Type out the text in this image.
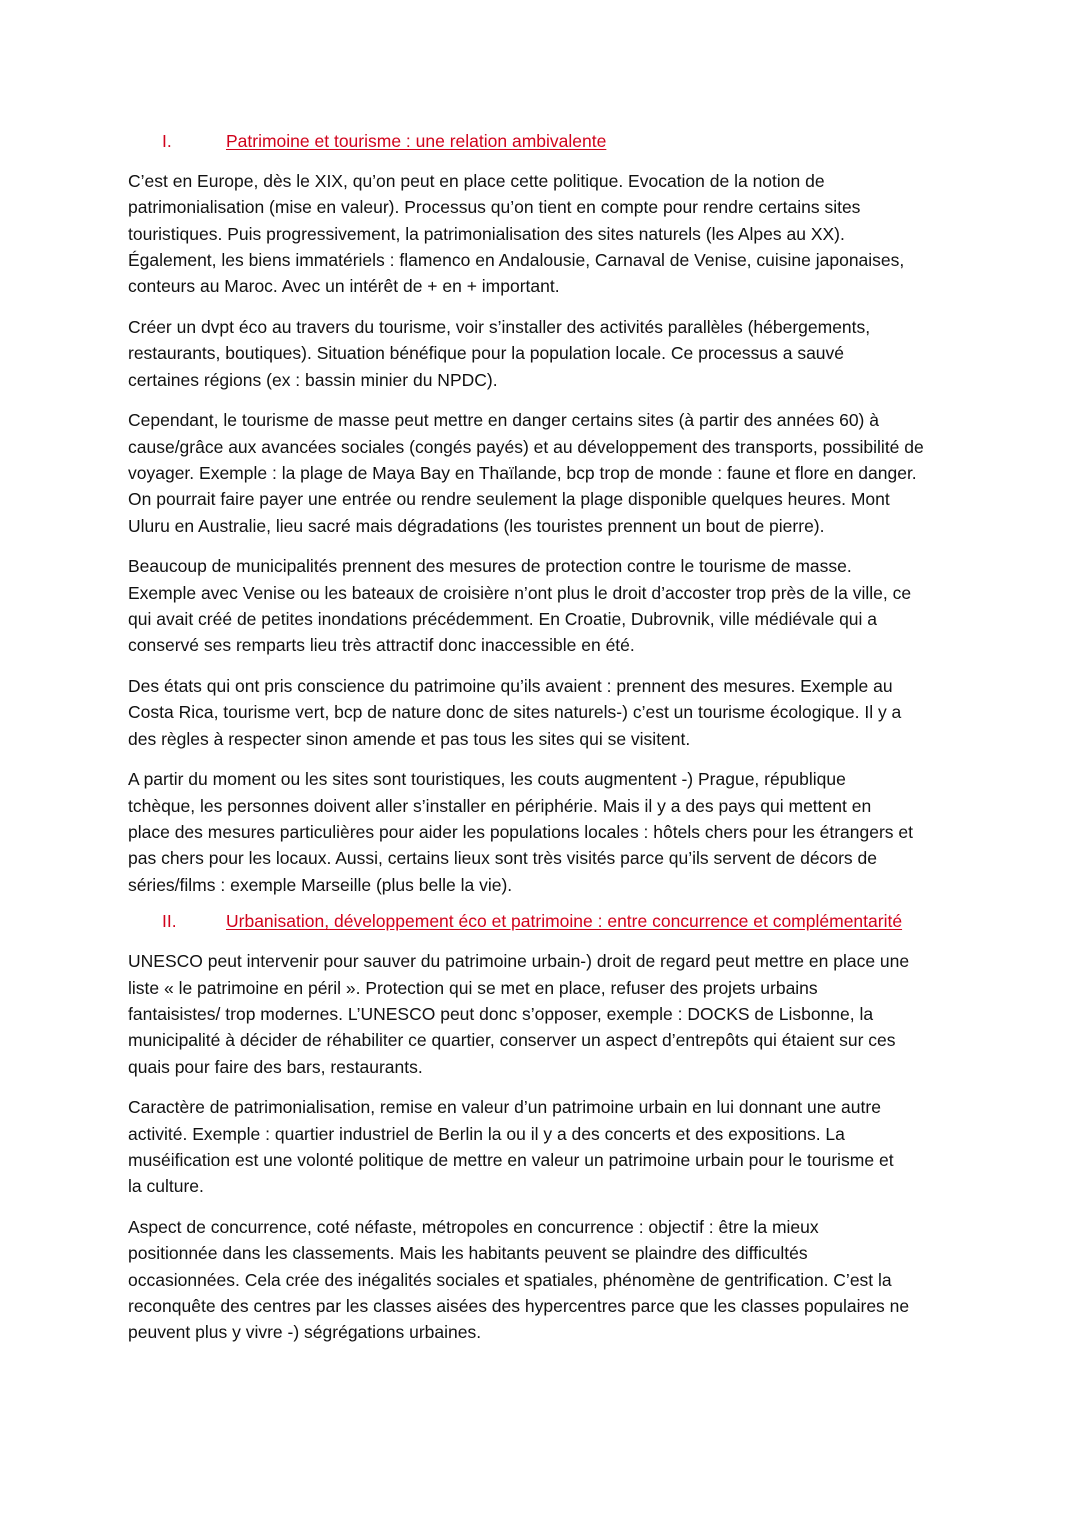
I.	Patrimoine et tourisme : une relation ambivalente
C’est en Europe, dès le XIX, qu’on peut en place cette politique. Evocation de la notion de
patrimonialisation (mise en valeur). Processus qu’on tient en compte pour rendre certains sites
touristiques. Puis progressivement, la patrimonialisation des sites naturels (les Alpes au XX).
Également, les biens immatériels : flamenco en Andalousie, Carnaval de Venise, cuisine japonaises,
conteurs au Maroc. Avec un intérêt de + en + important.
Créer un dvpt éco au travers du tourisme, voir s’installer des activités parallèles (hébergements,
restaurants, boutiques). Situation bénéfique pour la population locale. Ce processus a sauvé
certaines régions (ex : bassin minier du NPDC).
Cependant, le tourisme de masse peut mettre en danger certains sites (à partir des années 60) à
cause/grâce aux avancées sociales (congés payés) et au développement des transports, possibilité de
voyager. Exemple : la plage de Maya Bay en Thaïlande, bcp trop de monde : faune et flore en danger.
On pourrait faire payer une entrée ou rendre seulement la plage disponible quelques heures. Mont
Uluru en Australie, lieu sacré mais dégradations (les touristes prennent un bout de pierre).
Beaucoup de municipalités prennent des mesures de protection contre le tourisme de masse.
Exemple avec Venise ou les bateaux de croisière n’ont plus le droit d’accoster trop près de la ville, ce
qui avait créé de petites inondations précédemment. En Croatie, Dubrovnik, ville médiévale qui a
conservé ses remparts lieu très attractif donc inaccessible en été.
Des états qui ont pris conscience du patrimoine qu’ils avaient : prennent des mesures. Exemple au
Costa Rica, tourisme vert, bcp de nature donc de sites naturels-) c’est un tourisme écologique. Il y a
des règles à respecter sinon amende et pas tous les sites qui se visitent.
A partir du moment ou les sites sont touristiques, les couts augmentent -) Prague, république
tchèque, les personnes doivent aller s’installer en périphérie. Mais il y a des pays qui mettent en
place des mesures particulières pour aider les populations locales : hôtels chers pour les étrangers et
pas chers pour les locaux. Aussi, certains lieux sont très visités parce qu’ils servent de décors de
séries/films : exemple Marseille (plus belle la vie).
II.	Urbanisation, développement éco et patrimoine : entre concurrence et complémentarité
UNESCO peut intervenir pour sauver du patrimoine urbain-) droit de regard peut mettre en place une
liste « le patrimoine en péril ». Protection qui se met en place, refuser des projets urbains
fantaisistes/ trop modernes. L’UNESCO peut donc s’opposer, exemple : DOCKS de Lisbonne, la
municipalité à décider de réhabiliter ce quartier, conserver un aspect d’entrepôts qui étaient sur ces
quais pour faire des bars, restaurants.
Caractère de patrimonialisation, remise en valeur d’un patrimoine urbain en lui donnant une autre
activité. Exemple : quartier industriel de Berlin la ou il y a des concerts et des expositions. La
muséification est une volonté politique de mettre en valeur un patrimoine urbain pour le tourisme et
la culture.
Aspect de concurrence, coté néfaste, métropoles en concurrence : objectif : être la mieux
positionnée dans les classements. Mais les habitants peuvent se plaindre des difficultés
occasionnées. Cela crée des inégalités sociales et spatiales, phénomène de gentrification. C’est la
reconquête des centres par les classes aisées des hypercentres parce que les classes populaires ne
peuvent plus y vivre -) ségrégations urbaines.
